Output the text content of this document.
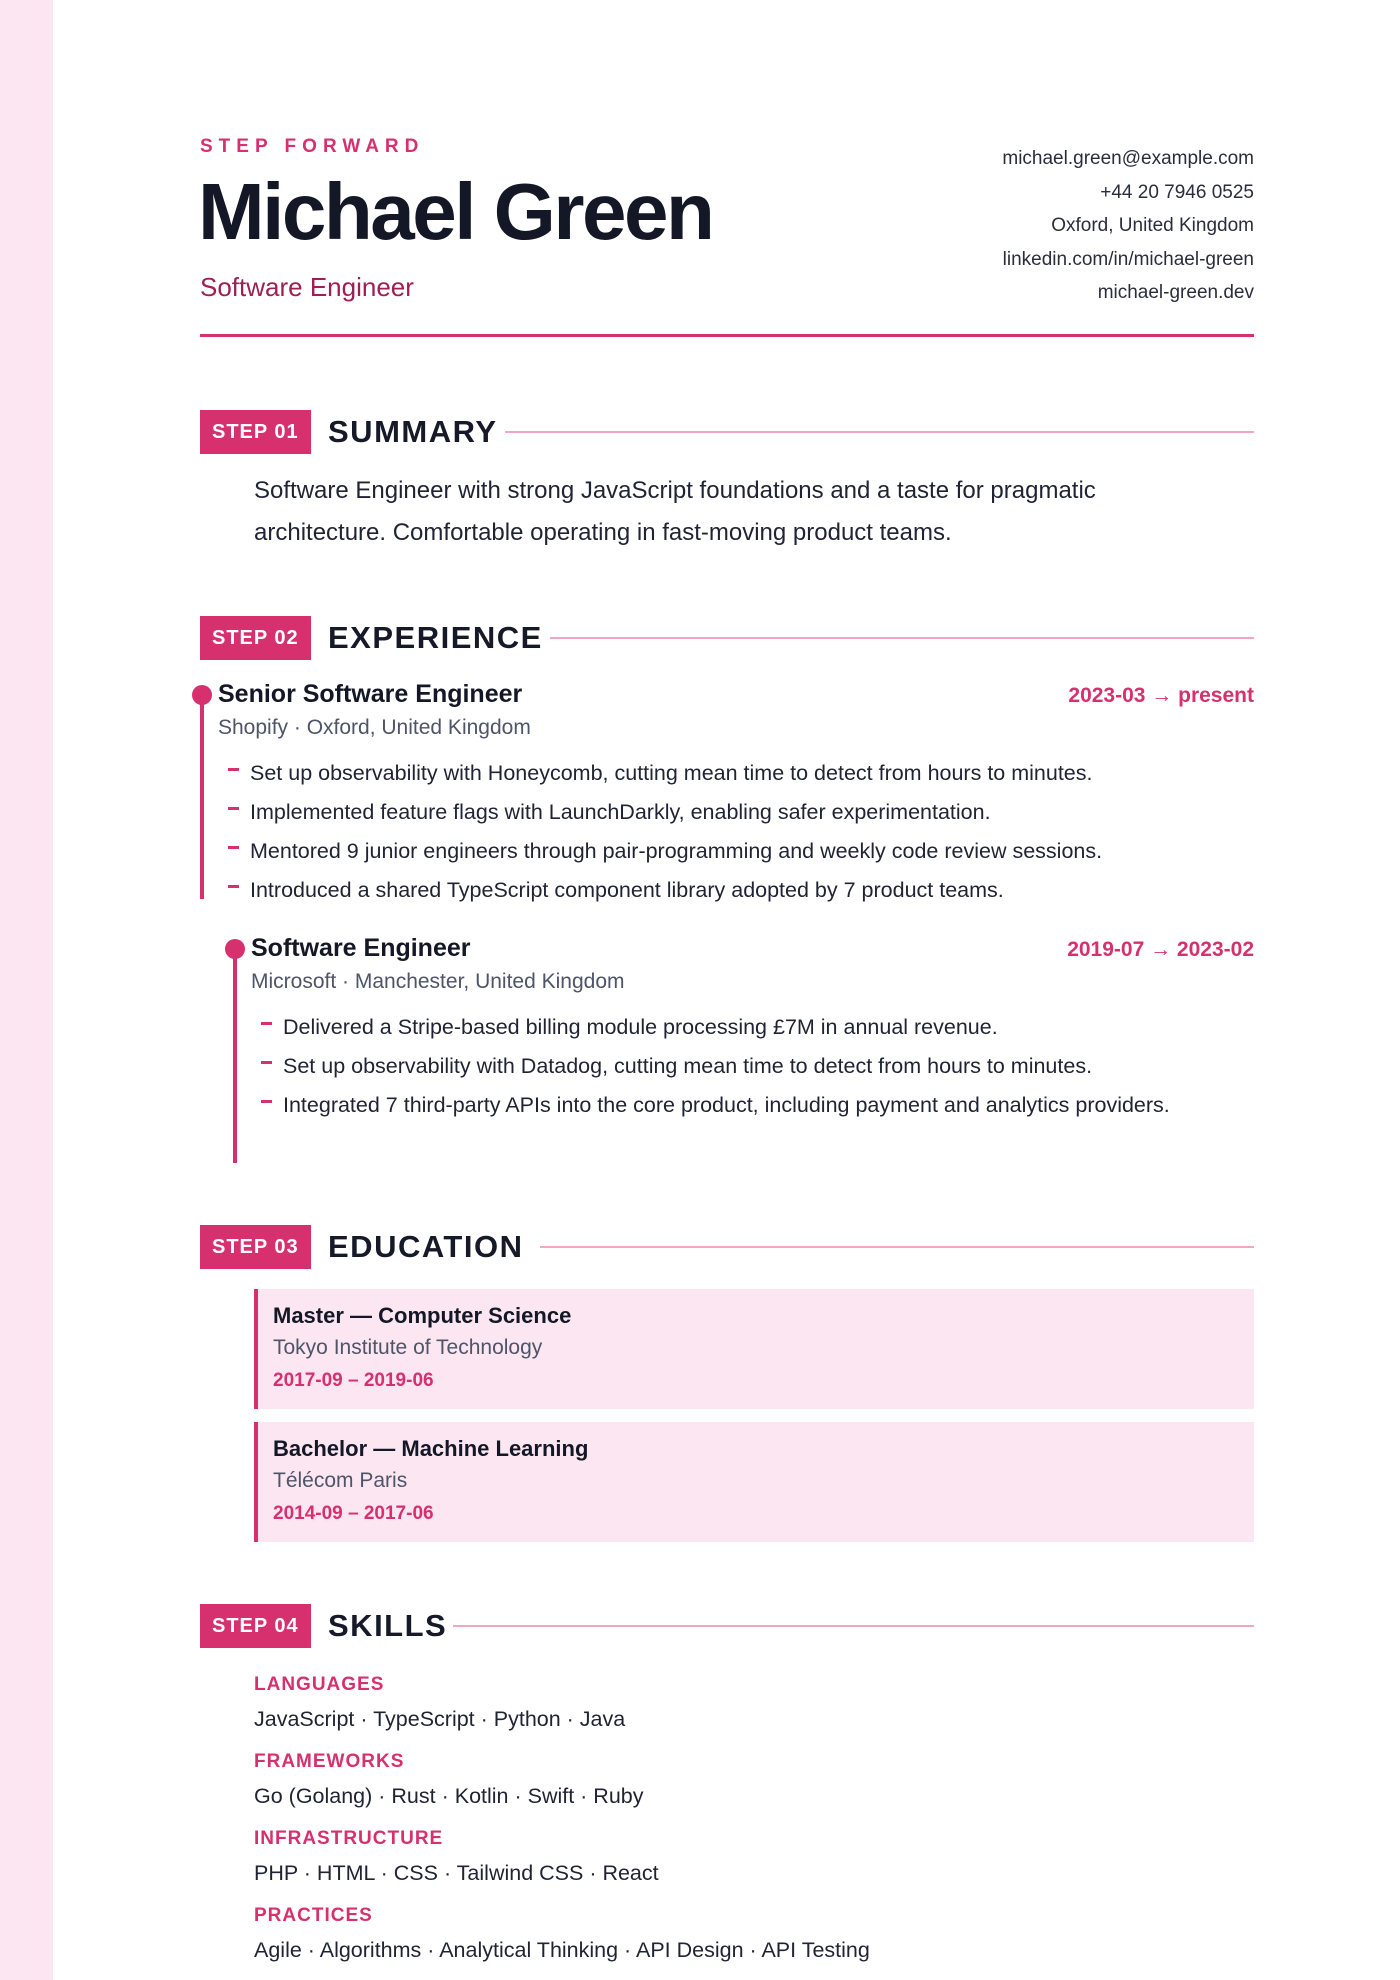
STEP FORWARD
Michael Green
Software Engineer
michael.green@example.com
+44 20 7946 0525
Oxford, United Kingdom
linkedin.com/in/michael-green
michael-green.dev
STEP 01 SUMMARY
Software Engineer with strong JavaScript foundations and a taste for pragmatic architecture. Comfortable operating in fast-moving product teams.
STEP 02 EXPERIENCE
Senior Software Engineer	2023-03 → present
Shopify · Oxford, United Kingdom
Set up observability with Honeycomb, cutting mean time to detect from hours to minutes.
Implemented feature flags with LaunchDarkly, enabling safer experimentation.
Mentored 9 junior engineers through pair-programming and weekly code review sessions.
Introduced a shared TypeScript component library adopted by 7 product teams.
Software Engineer	2019-07 → 2023-02
Microsoft · Manchester, United Kingdom
Delivered a Stripe-based billing module processing £7M in annual revenue.
Set up observability with Datadog, cutting mean time to detect from hours to minutes.
Integrated 7 third-party APIs into the core product, including payment and analytics providers.
STEP 03 EDUCATION
Master — Computer Science
Tokyo Institute of Technology
2017-09 – 2019-06
Bachelor — Machine Learning
Télécom Paris
2014-09 – 2017-06
STEP 04 SKILLS
LANGUAGES
JavaScript · TypeScript · Python · Java
FRAMEWORKS
Go (Golang) · Rust · Kotlin · Swift · Ruby
INFRASTRUCTURE
PHP · HTML · CSS · Tailwind CSS · React
PRACTICES
Agile · Algorithms · Analytical Thinking · API Design · API Testing
